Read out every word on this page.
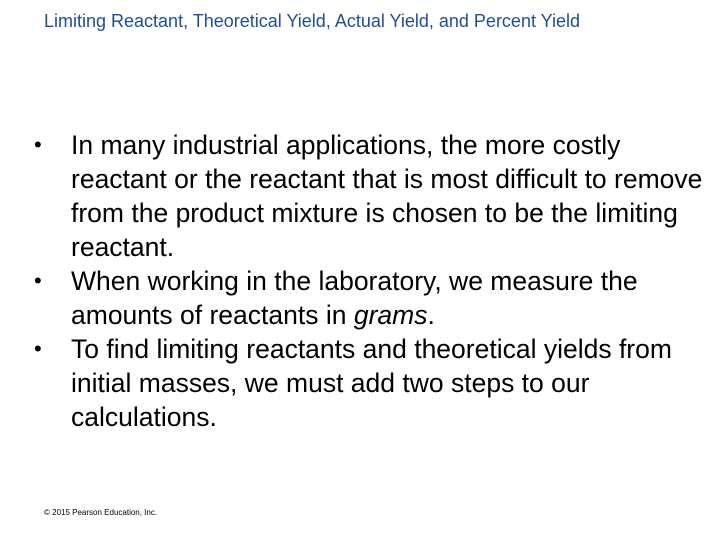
Limiting Reactant, Theoretical Yield, Actual Yield, and Percent Yield
• In many industrial applications, the more costly reactant or the reactant that is most difficult to remove from the product mixture is chosen to be the limiting reactant.
• When working in the laboratory, we measure the amounts of reactants in grams.
• To find limiting reactants and theoretical yields from initial masses, we must add two steps to our calculations.
© 2015 Pearson Education, Inc.
